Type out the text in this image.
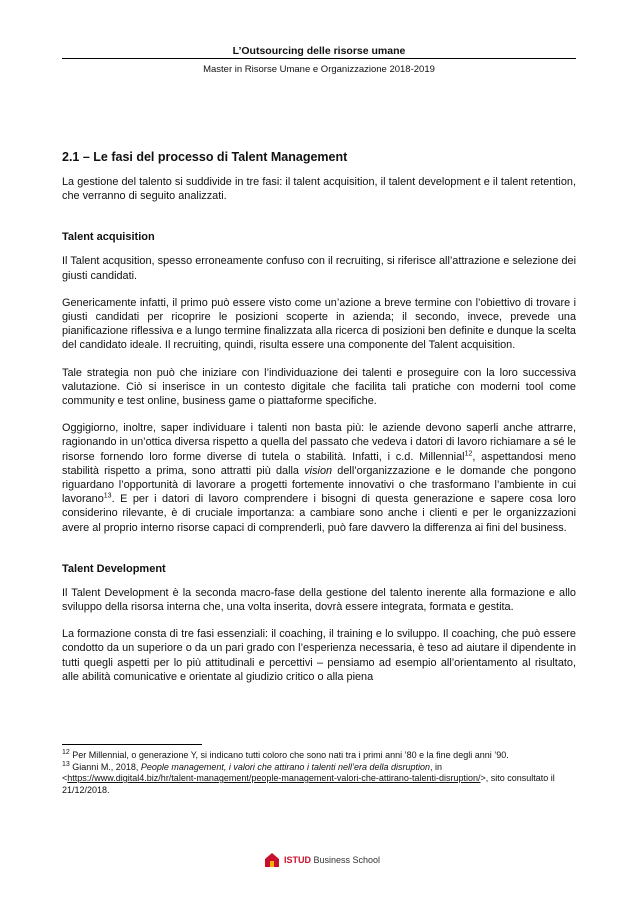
L’Outsourcing delle risorse umane
Master in Risorse Umane e Organizzazione 2018-2019
2.1 – Le fasi del processo di Talent Management

La gestione del talento si suddivide in tre fasi: il talent acquisition, il talent development e il talent retention, che verranno di seguito analizzati.

Talent acquisition

Il Talent acqusition, spesso erroneamente confuso con il recruiting, si riferisce all’attrazione e selezione dei giusti candidati.

Genericamente infatti, il primo può essere visto come un’azione a breve termine con l’obiettivo di trovare i giusti candidati per ricoprire le posizioni scoperte in azienda; il secondo, invece, prevede una pianificazione riflessiva e a lungo termine finalizzata alla ricerca di posizioni ben definite e dunque la scelta del candidato ideale. Il recruiting, quindi, risulta essere una componente del Talent acquisition.

Tale strategia non può che iniziare con l’individuazione dei talenti e proseguire con la loro successiva valutazione. Ciò si inserisce in un contesto digitale che facilita tali pratiche con moderni tool come community e test online, business game o piattaforme specifiche.

Oggigiorno, inoltre, saper individuare i talenti non basta più: le aziende devono saperli anche attrarre, ragionando in un’ottica diversa rispetto a quella del passato che vedeva i datori di lavoro richiamare a sé le risorse fornendo loro forme diverse di tutela o stabilità. Infatti, i c.d. Millennial$^{12}$, aspettandosi meno stabilità rispetto a prima, sono attratti più dalla vision dell’organizzazione e le domande che pongono riguardano l’opportunità di lavorare a progetti fortemente innovativi o che trasformano l’ambiente in cui lavorano$^{13}$. E per i datori di lavoro comprendere i bisogni di questa generazione e sapere cosa loro considerino rilevante, è di cruciale importanza: a cambiare sono anche i clienti e per le organizzazioni avere al proprio interno risorse capaci di comprenderli, può fare davvero la differenza ai fini del business.

Talent Development

Il Talent Development è la seconda macro-fase della gestione del talento inerente alla formazione e allo sviluppo della risorsa interna che, una volta inserita, dovrà essere integrata, formata e gestita.

La formazione consta di tre fasi essenziali: il coaching, il training e lo sviluppo. Il coaching, che può essere condotto da un superiore o da un pari grado con l’esperienza necessaria, è teso ad aiutare il dipendente in tutti quegli aspetti per lo più attitudinali e percettivi – pensiamo ad esempio all’orientamento al risultato, alle abilità comunicative e orientate al giudizio critico o alla piena

$^{12}$ Per Millennial, o generazione Y, si indicano tutti coloro che sono nati tra i primi anni ’80 e la fine degli anni ’90.

$^{13}$ Gianni M., 2018, People management, i valori che attirano i talenti nell’era della disruption, in

<https://www.digital4.biz/hr/talent-management/people-management-valori-che-attirano-talenti-disruption/>, sito consultato il 21/12/2018.

ISTUD Business School
